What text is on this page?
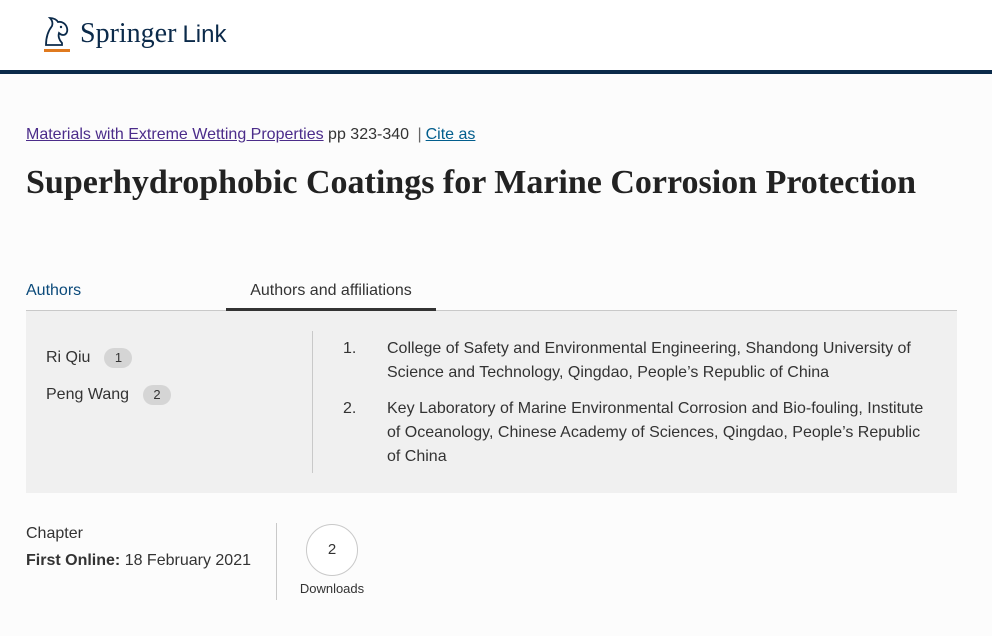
Springer Link
Materials with Extreme Wetting Properties pp 323-340 | Cite as
Superhydrophobic Coatings for Marine Corrosion Protection
Authors	Authors and affiliations
Ri Qiu	1
Peng Wang	2
1.	College of Safety and Environmental Engineering, Shandong University of Science and Technology, Qingdao, People’s Republic of China
2.	Key Laboratory of Marine Environmental Corrosion and Bio-fouling, Institute of Oceanology, Chinese Academy of Sciences, Qingdao, People’s Republic of China
Chapter
First Online: 18 February 2021
2
Downloads
